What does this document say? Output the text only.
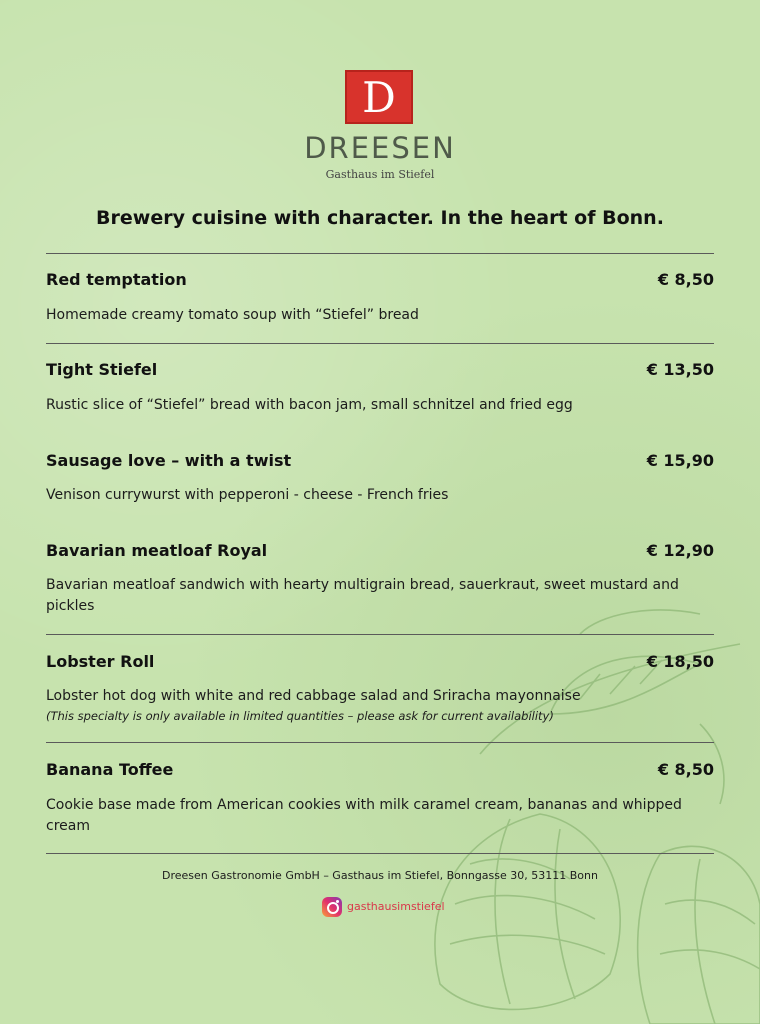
D
DREESEN
Gasthaus im Stiefel
Brewery cuisine with character. In the heart of Bonn.
Red temptation	€ 8,50
Homemade creamy tomato soup with “Stiefel” bread
Tight Stiefel	€ 13,50
Rustic slice of “Stiefel” bread with bacon jam, small schnitzel and fried egg
Sausage love – with a twist	€ 15,90
Venison currywurst with pepperoni - cheese - French fries
Bavarian meatloaf Royal	€ 12,90
Bavarian meatloaf sandwich with hearty multigrain bread, sauerkraut, sweet mustard and pickles
Lobster Roll	€ 18,50
Lobster hot dog with white and red cabbage salad and Sriracha mayonnaise
(This specialty is only available in limited quantities – please ask for current availability)
Banana Toffee	€ 8,50
Cookie base made from American cookies with milk caramel cream, bananas and whipped cream
Dreesen Gastronomie GmbH – Gasthaus im Stiefel, Bonngasse 30, 53111 Bonn
gasthausimstiefel
